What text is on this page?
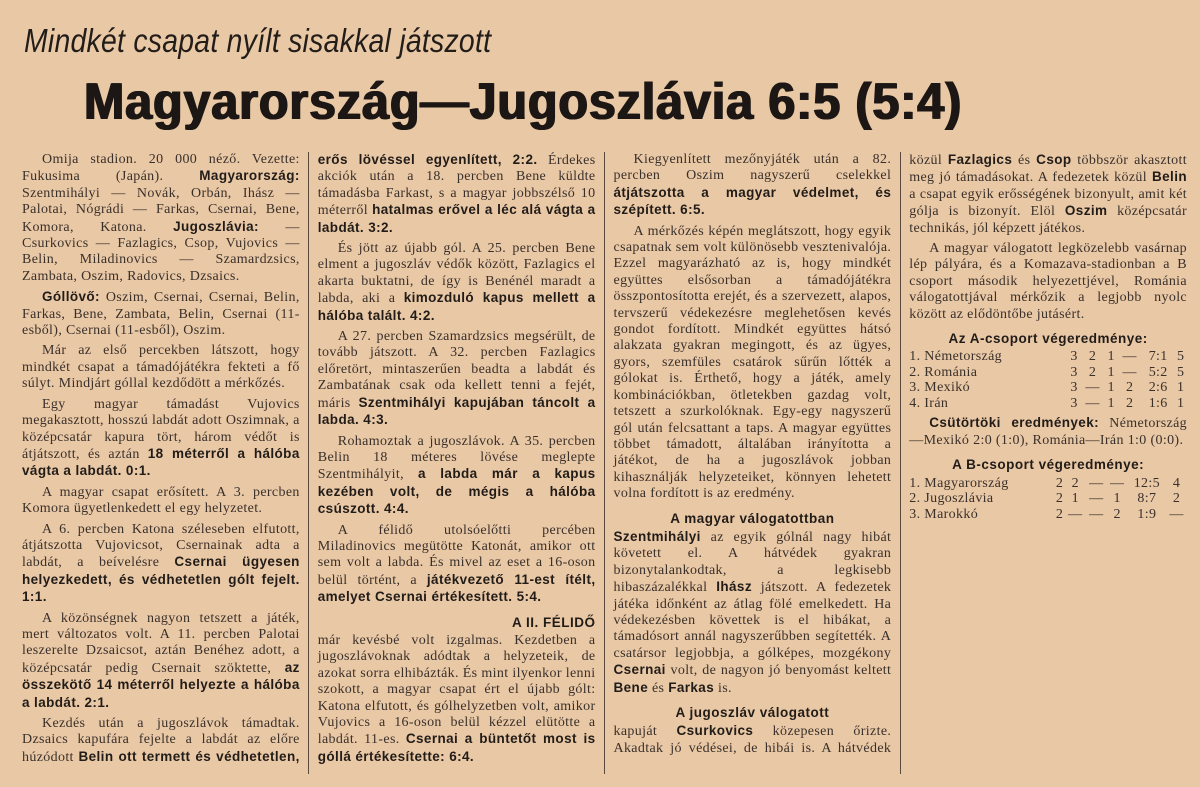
Mindkét csapat nyílt sisakkal játszott
Magyarország—Jugoszlávia 6:5 (5:4)

Omija stadion. 20 000 néző. Vezette: Fukusima (Japán). Magyarország: Szentmihályi — Novák, Orbán, Ihász — Palotai, Nógrádi — Farkas, Csernai, Bene, Komora, Katona. Jugoszlávia: — Csurkovics — Fazlagics, Csop, Vujovics — Belin, Miladinovics — Szamardzsics, Zambata, Oszim, Radovics, Dzsaics.

Góllövő: Oszim, Csernai, Csernai, Belin, Farkas, Bene, Zambata, Belin, Csernai (11-esből), Csernai (11-esből), Oszim.

Már az első percekben látszott, hogy mindkét csapat a támadójátékra fekteti a fő súlyt. Mindjárt góllal kezdődött a mérkőzés.

Egy magyar támadást Vujovics megakasztott, hosszú labdát adott Oszimnak, a középcsatár kapura tört, három védőt is átjátszott, és aztán 18 méterről a hálóba vágta a labdát. 0:1.

A magyar csapat erősített. A 3. percben Komora ügyetlenkedett el egy helyzetet.

A 6. percben Katona széleseben elfutott, átjátszotta Vujovicsot, Csernainak adta a labdát, a beívelésre Csernai ügyesen helyezkedett, és védhetetlen gólt fejelt. 1:1.

A közönségnek nagyon tetszett a játék, mert változatos volt. A 11. percben Palotai leszerelte Dzsaicsot, aztán Benéhez adott, a középcsatár pedig Csernait szöktette, az összekötő 14 méterről helyezte a hálóba a labdát. 2:1.

Kezdés után a jugoszlávok támadtak. Dzsaics kapufára fejelte a labdát az előre húzódott Belin ott termett és védhetetlen, erős lövéssel egyenlített, 2:2. Érdekes akciók után a 18. percben Bene küldte támadásba Farkast, s a magyar jobbszélső 10 méterről hatalmas erővel a léc alá vágta a labdát. 3:2.

És jött az újabb gól. A 25. percben Bene elment a jugoszláv védők között, Fazlagics el akarta buktatni, de így is Benénél maradt a labda, aki a kimozduló kapus mellett a hálóba talált. 4:2.

A 27. percben Szamardzsics megsérült, de tovább játszott. A 32. percben Fazlagics előretört, mintaszerűen beadta a labdát és Zambatának csak oda kellett tenni a fejét, máris Szentmihályi kapujában táncolt a labda. 4:3.

Rohamoztak a jugoszlávok. A 35. percben Belin 18 méteres lövése meglepte Szentmihályit, a labda már a kapus kezében volt, de mégis a hálóba csúszott. 4:4.

A félidő utolsóelőtti percében Miladinovics megütötte Katonát, amikor ott sem volt a labda. És mivel az eset a 16-oson belül történt, a játékvezető 11-est ítélt, amelyet Csernai értékesített. 5:4.

A II. FÉLIDŐ

már kevésbé volt izgalmas. Kezdetben a jugoszlávoknak adódtak a helyzeteik, de azokat sorra elhibázták. És mint ilyenkor lenni szokott, a magyar csapat ért el újabb gólt: Katona elfutott, és gólhelyzetben volt, amikor Vujovics a 16-oson belül kézzel elütötte a labdát. 11-es. Csernai a büntetőt most is góllá értékesítette: 6:4.

Kiegyenlített mezőnyjáték után a 82. percben Oszim nagyszerű cselekkel átjátszotta a magyar védelmet, és szépített. 6:5.

A mérkőzés képén meglátszott, hogy egyik csapatnak sem volt különösebb vesztenivalója. Ezzel magyarázható az is, hogy mindkét együttes elsősorban a támadójátékra összpontosította erejét, és a szervezett, alapos, tervszerű védekezésre meglehetősen kevés gondot fordított. Mindkét együttes hátsó alakzata gyakran megingott, és az ügyes, gyors, szemfüles csatárok sűrűn lőtték a gólokat is. Érthető, hogy a játék, amely kombinációkban, ötletekben gazdag volt, tetszett a szurkolóknak. Egy-egy nagyszerű gól után felcsattant a taps. A magyar együttes többet támadott, általában irányította a játékot, de ha a jugoszlávok jobban kihasználják helyzeteiket, könnyen lehetett volna fordított is az eredmény.

A magyar válogatottban

Szentmihályi az egyik gólnál nagy hibát követett el. A hátvédek gyakran bizonytalankodtak, a legkisebb hibaszázalékkal Ihász játszott. A fedezetek játéka időnként az átlag fölé emelkedett. Ha védekezésben követtek is el hibákat, a támadósort annál nagyszerűbben segítették. A csatársor legjobbja, a gólképes, mozgékony Csernai volt, de nagyon jó benyomást keltett Bene és Farkas is.

A jugoszláv válogatott

kapuját Csurkovics közepesen őrizte. Akadtak jó védései, de hibái is. A hátvédek közül Fazlagics és Csop többször akasztott meg jó támadásokat. A fedezetek közül Belin a csapat egyik erősségének bizonyult, amit két gólja is bizonyít. Elöl Oszim középcsatár technikás, jól képzett játékos.

A magyar válogatott legközelebb vasárnap lép pályára, és a Komazava-stadionban a B csoport második helyezettjével, Románia válogatottjával mérkőzik a legjobb nyolc között az elődöntőbe jutásért.

Az A-csoport végeredménye:
1. Németország	3	2	1	—	7:1	5
2. Románia	3	2	1	—	5:2	5
3. Mexikó	3	—	1	2	2:6	1
4. Irán	3	—	1	2	1:6	1

Csütörtöki eredmények: Németország—Mexikó 2:0 (1:0), Románia—Irán 1:0 (0:0).

A B-csoport végeredménye:
1. Magyarország	2	2	—	—	12:5	4
2. Jugoszlávia	2	1	—	1	8:7	2
3. Marokkó	2	—	—	2	1:9	—
